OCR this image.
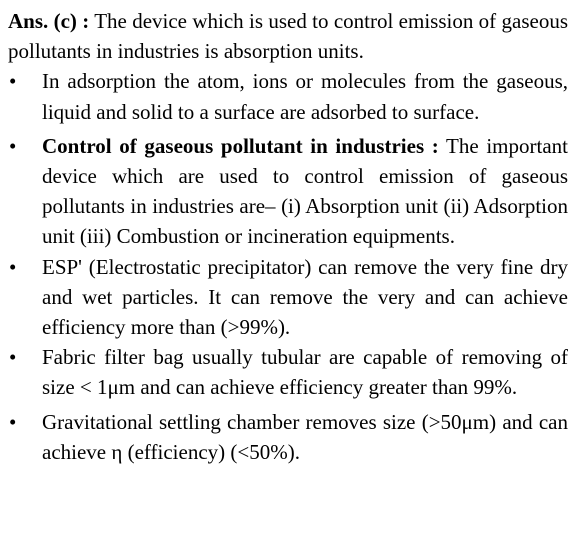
Ans. (c) : The device which is used to control emission of gaseous pollutants in industries is absorption units.

• In adsorption the atom, ions or molecules from the gaseous, liquid and solid to a surface are adsorbed to surface.
• Control of gaseous pollutant in industries : The important device which are used to control emission of gaseous pollutants in industries are– (i) Absorption unit (ii) Adsorption unit (iii) Combustion or incineration equipments.
• ESP' (Electrostatic precipitator) can remove the very fine dry and wet particles. It can remove the very and can achieve efficiency more than (>99%).
• Fabric filter bag usually tubular are capable of removing of size < 1μm and can achieve efficiency greater than 99%.
• Gravitational settling chamber removes size (>50μm) and can achieve η (efficiency) (<50%).
